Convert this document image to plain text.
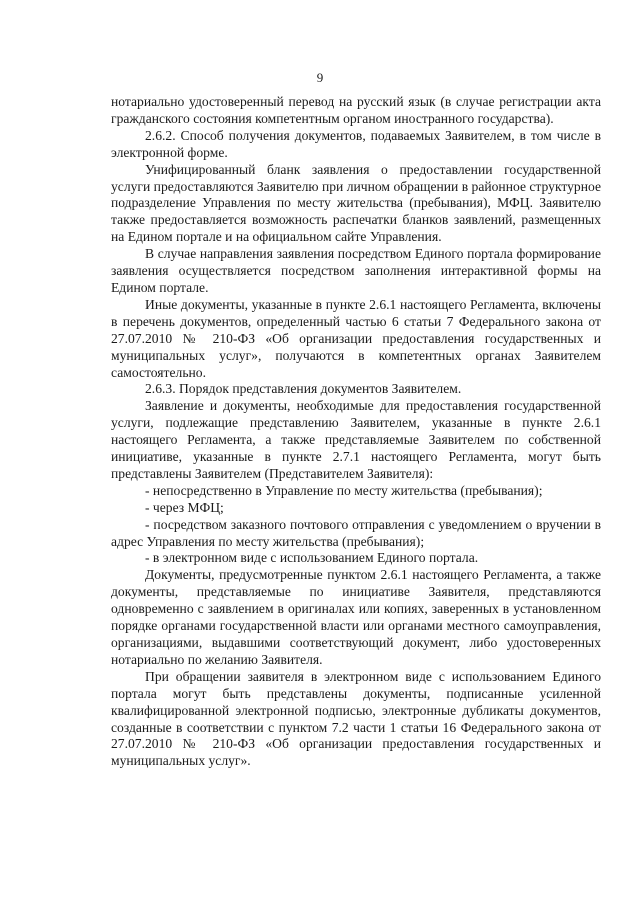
9

нотариально удостоверенный перевод на русский язык (в случае регистрации акта гражданского состояния компетентным органом иностранного государства).

2.6.2. Способ получения документов, подаваемых Заявителем, в том числе в электронной форме.

Унифицированный бланк заявления о предоставлении государственной услуги предоставляются Заявителю при личном обращении в районное структурное подразделение Управления по месту жительства (пребывания), МФЦ. Заявителю также предоставляется возможность распечатки бланков заявлений, размещенных на Едином портале и на официальном сайте Управления.

В случае направления заявления посредством Единого портала формирование заявления осуществляется посредством заполнения интерактивной формы на Едином портале.

Иные документы, указанные в пункте 2.6.1 настоящего Регламента, включены в перечень документов, определенный частью 6 статьи 7 Федерального закона от 27.07.2010 № 210-ФЗ «Об организации предоставления государственных и муниципальных услуг», получаются в компетентных органах Заявителем самостоятельно.

2.6.3. Порядок представления документов Заявителем.

Заявление и документы, необходимые для предоставления государственной услуги, подлежащие представлению Заявителем, указанные в пункте 2.6.1 настоящего Регламента, а также представляемые Заявителем по собственной инициативе, указанные в пункте 2.7.1 настоящего Регламента, могут быть представлены Заявителем (Представителем Заявителя):

- непосредственно в Управление по месту жительства (пребывания);

- через МФЦ;

- посредством заказного почтового отправления с уведомлением о вручении в адрес Управления по месту жительства (пребывания);

- в электронном виде с использованием Единого портала.

Документы, предусмотренные пунктом 2.6.1 настоящего Регламента, а также документы, представляемые по инициативе Заявителя, представляются одновременно с заявлением в оригиналах или копиях, заверенных в установленном порядке органами государственной власти или органами местного самоуправления, организациями, выдавшими соответствующий документ, либо удостоверенных нотариально по желанию Заявителя.

При обращении заявителя в электронном виде с использованием Единого портала могут быть представлены документы, подписанные усиленной квалифицированной электронной подписью, электронные дубликаты документов, созданные в соответствии с пунктом 7.2 части 1 статьи 16 Федерального закона от 27.07.2010 № 210-ФЗ «Об организации предоставления государственных и муниципальных услуг».
